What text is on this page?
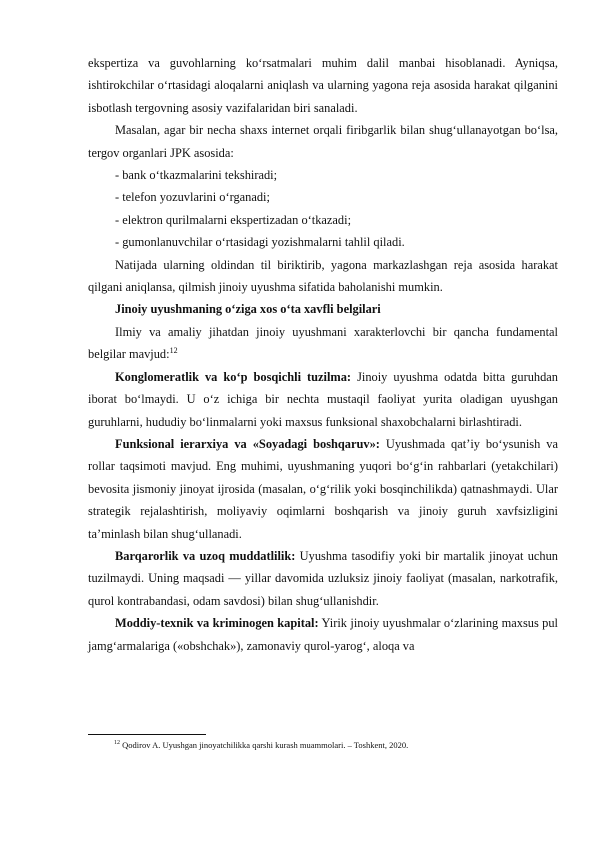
ekspertiza va guvohlarning ko‘rsatmalari muhim dalil manbai hisoblanadi. Ayniqsa, ishtirokchilar o‘rtasidagi aloqalarni aniqlash va ularning yagona reja asosida harakat qilganini isbotlash tergovning asosiy vazifalaridan biri sanaladi.

Masalan, agar bir necha shaxs internet orqali firibgarlik bilan shug‘ullanayotgan bo‘lsa, tergov organlari JPK asosida:

- bank o‘tkazmalarini tekshiradi;

- telefon yozuvlarini o‘rganadi;

- elektron qurilmalarni ekspertizadan o‘tkazadi;

- gumonlanuvchilar o‘rtasidagi yozishmalarni tahlil qiladi.

Natijada ularning oldindan til biriktirib, yagona markazlashgan reja asosida harakat qilgani aniqlansa, qilmish jinoiy uyushma sifatida baholanishi mumkin.

Jinoiy uyushmaning o‘ziga xos o‘ta xavfli belgilari

Ilmiy va amaliy jihatdan jinoiy uyushmani xarakterlovchi bir qancha fundamental belgilar mavjud:$^{12}$

Konglomeratlik va ko‘p bosqichli tuzilma: Jinoiy uyushma odatda bitta guruhdan iborat bo‘lmaydi. U o‘z ichiga bir nechta mustaqil faoliyat yurita oladigan uyushgan guruhlarni, hududiy bo‘linmalarni yoki maxsus funksional shaxobchalarni birlashtiradi.

Funksional ierarxiya va «Soyadagi boshqaruv»: Uyushmada qat’iy bo‘ysunish va rollar taqsimoti mavjud. Eng muhimi, uyushmaning yuqori bo‘g‘in rahbarlari (yetakchilari) bevosita jismoniy jinoyat ijrosida (masalan, o‘g‘rilik yoki bosqinchilikda) qatnashmaydi. Ular strategik rejalashtirish, moliyaviy oqimlarni boshqarish va jinoiy guruh xavfsizligini ta’minlash bilan shug‘ullanadi.

Barqarorlik va uzoq muddatlilik: Uyushma tasodifiy yoki bir martalik jinoyat uchun tuzilmaydi. Uning maqsadi — yillar davomida uzluksiz jinoiy faoliyat (masalan, narkotrafik, qurol kontrabandasi, odam savdosi) bilan shug‘ullanishdir.

Moddiy-texnik va kriminogen kapital: Yirik jinoiy uyushmalar o‘zlarining maxsus pul jamg‘armalariga («obshchak»), zamonaviy qurol-yarog‘, aloqa va

$^{12}$ Qodirov A. Uyushgan jinoyatchilikka qarshi kurash muammolari. – Toshkent, 2020.
